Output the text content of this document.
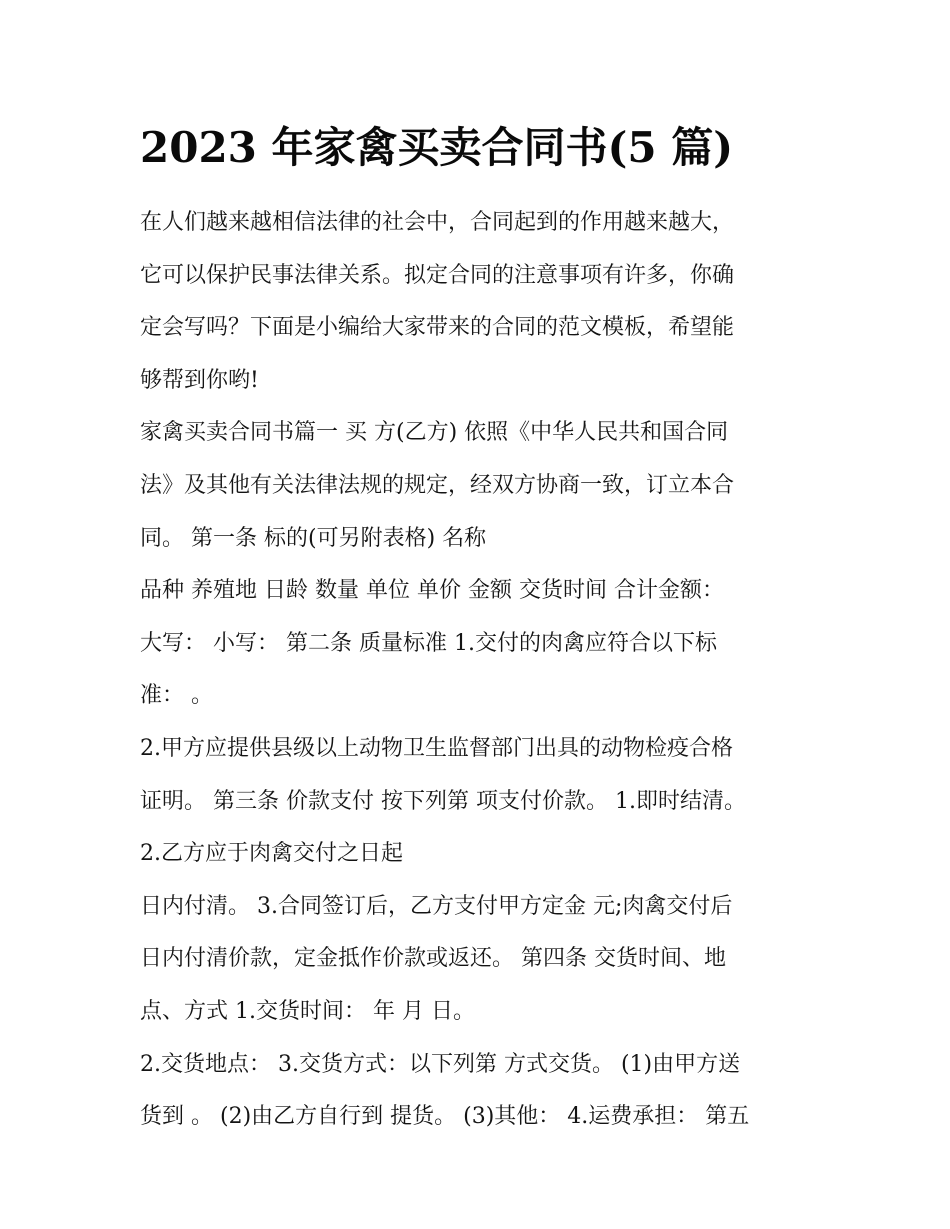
2023 年家禽买卖合同书(5 篇)
在人们越来越相信法律的社会中，合同起到的作用越来越大，
它可以保护民事法律关系。拟定合同的注意事项有许多，你确
定会写吗？下面是小编给大家带来的合同的范文模板，希望能
够帮到你哟!
家禽买卖合同书篇一 买 方(乙方) 依照《中华人民共和国合同
法》及其他有关法律法规的规定，经双方协商一致，订立本合
同。 第一条 标的(可另附表格) 名称
品种 养殖地 日龄 数量 单位 单价 金额 交货时间 合计金额：
大写： 小写： 第二条 质量标准 1.交付的肉禽应符合以下标
准： 。
2.甲方应提供县级以上动物卫生监督部门出具的动物检疫合格
证明。 第三条 价款支付 按下列第 项支付价款。 1.即时结清。
2.乙方应于肉禽交付之日起
日内付清。 3.合同签订后，乙方支付甲方定金 元;肉禽交付后
日内付清价款，定金抵作价款或返还。 第四条 交货时间、地
点、方式 1.交货时间： 年 月 日。
2.交货地点： 3.交货方式：以下列第 方式交货。 (1)由甲方送
货到 。 (2)由乙方自行到 提货。 (3)其他： 4.运费承担： 第五
